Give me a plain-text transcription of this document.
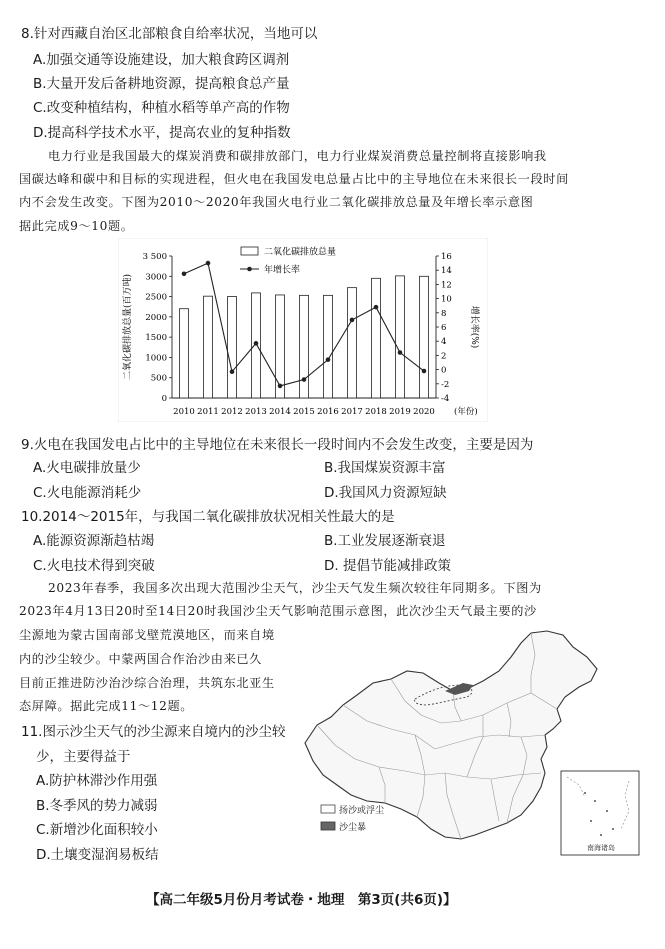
8.针对西藏自治区北部粮食自给率状况，当地可以
A.加强交通等设施建设，加大粮食跨区调剂
B.大量开发后备耕地资源，提高粮食总产量
C.改变种植结构，种植水稻等单产高的作物
D.提高科学技术水平，提高农业的复种指数
电力行业是我国最大的煤炭消费和碳排放部门，电力行业煤炭消费总量控制将直接影响我
国碳达峰和碳中和目标的实现进程，但火电在我国发电总量占比中的主导地位在未来很长一段时间
内不会发生改变。下图为2010～2020年我国火电行业二氧化碳排放总量及年增长率示意图
据此完成9～10题。
0
500
1000
1500
2000
2500
3000
3 500
-4
-2
0
2
4
6
8
10
12
14
16
2010 2011 2012 2013 2014 2015 2016 2017 2018 2019 2020
二氧化碳排放总量(百万吨)	增长率(%)
(年份)
二氧化碳排放总量
年增长率
9.火电在我国发电占比中的主导地位在未来很长一段时间内不会发生改变，主要是因为
A.火电碳排放量少	B.我国煤炭资源丰富
C.火电能源消耗少	D.我国风力资源短缺
10.2014～2015年，与我国二氧化碳排放状况相关性最大的是
A.能源资源渐趋枯竭	B.工业发展逐渐衰退
C.火电技术得到突破	D. 提倡节能减排政策
2023年春季，我国多次出现大范围沙尘天气，沙尘天气发生频次较往年同期多。下图为
2023年4月13日20时至14日20时我国沙尘天气影响范围示意图，此次沙尘天气最主要的沙
尘源地为蒙古国南部戈壁荒漠地区，而来自境
内的沙尘较少。中蒙两国合作治沙由来已久
目前正推进防沙治沙综合治理，共筑东北亚生
态屏障。据此完成11～12题。
11.图示沙尘天气的沙尘源来自境内的沙尘较
少，主要得益于
A.防护林滞沙作用强
B.冬季风的势力减弱
C.新增沙化面积较小
D.土壤变湿润易板结
扬沙或浮尘
沙尘暴
南海诸岛
【高二年级5月份月考试卷・地理　第3页(共6页)】
